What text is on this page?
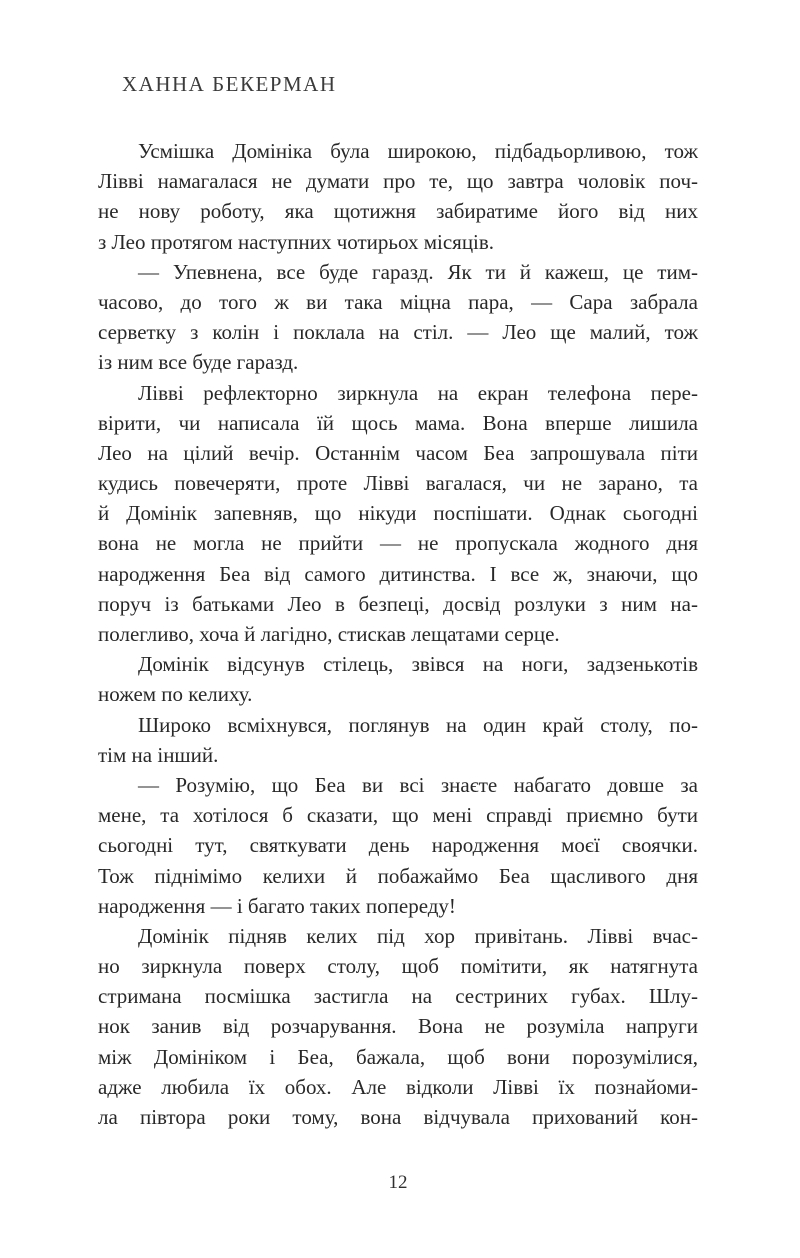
ХАННА БЕКЕРМАН
Усмішка Домініка була широкою, підбадьорливою, тож
Лівві намагалася не думати про те, що завтра чоловік поч-
не нову роботу, яка щотижня забиратиме його від них
з Лео протягом наступних чотирьох місяців.
— Упевнена, все буде гаразд. Як ти й кажеш, це тим-
часово, до того ж ви така міцна пара, — Сара забрала
серветку з колін і поклала на стіл. — Лео ще малий, тож
із ним все буде гаразд.
Лівві рефлекторно зиркнула на екран телефона пере-
вірити, чи написала їй щось мама. Вона вперше лишила
Лео на цілий вечір. Останнім часом Беа запрошувала піти
кудись повечеряти, проте Лівві вагалася, чи не зарано, та
й Домінік запевняв, що нікуди поспішати. Однак сьогодні
вона не могла не прийти — не пропускала жодного дня
народження Беа від самого дитинства. І все ж, знаючи, що
поруч із батьками Лео в безпеці, досвід розлуки з ним на-
полегливо, хоча й лагідно, стискав лещатами серце.
Домінік відсунув стілець, звівся на ноги, задзенькотів
ножем по келиху.
Широко всміхнувся, поглянув на один край столу, по-
тім на інший.
— Розумію, що Беа ви всі знаєте набагато довше за
мене, та хотілося б сказати, що мені справді приємно бути
сьогодні тут, святкувати день народження моєї своячки.
Тож піднімімо келихи й побажаймо Беа щасливого дня
народження — і багато таких попереду!
Домінік підняв келих під хор привітань. Лівві вчас-
но зиркнула поверх столу, щоб помітити, як натягнута
стримана посмішка застигла на сестриних губах. Шлу-
нок занив від розчарування. Вона не розуміла напруги
між Домініком і Беа, бажала, щоб вони порозумілися,
адже любила їх обох. Але відколи Лівві їх познайоми-
ла півтора роки тому, вона відчувала прихований кон-
12
